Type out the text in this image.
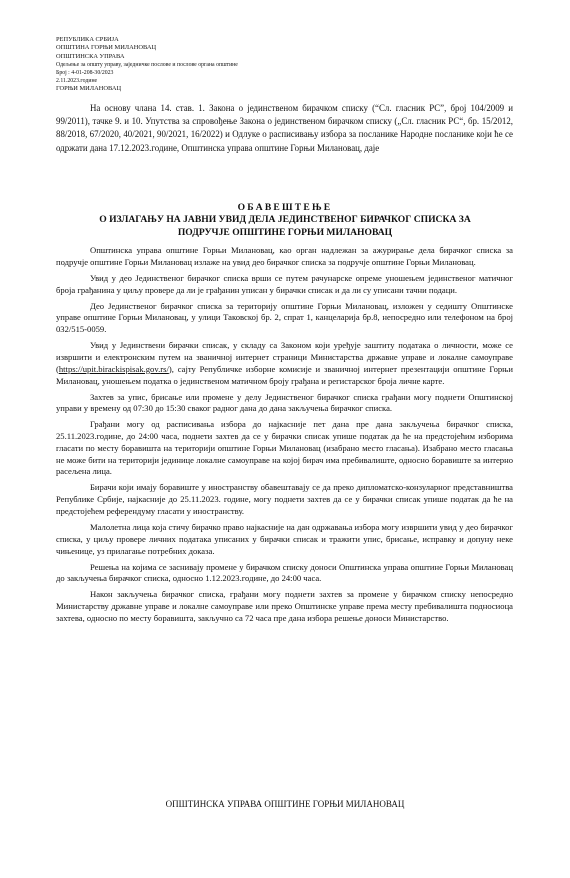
РЕПУБЛИКА СРБИЈА
ОПШТИНА ГОРЊИ МИЛАНОВАЦ
ОПШТИНСКА УПРАВА
Одељење за општу управу, заједничке послове и послове органа општине
Број : 4-01-208-30/2023
2.11.2023.године
ГОРЊИ МИЛАНОВАЦ

На основу члана 14. став. 1. Закона о јединственом бирачком списку (“Сл. гласник РС”, број 104/2009 и 99/2011), тачке 9. и 10. Упутства за спровођење Закона о јединственом бирачком списку („Сл. гласник РС“, бр. 15/2012, 88/2018, 67/2020, 40/2021, 90/2021, 16/2022) и Одлуке о расписивању избора за посланике Народне посланике који ће се одржати дана 17.12.2023.године, Општинска управа општине Горњи Милановац, даје

ОБАВЕШТЕЊЕ
О ИЗЛАГАЊУ НА ЈАВНИ УВИД ДЕЛА ЈЕДИНСТВЕНОГ БИРАЧКОГ СПИСКА ЗА
ПОДРУЧЈЕ ОПШТИНЕ ГОРЊИ МИЛАНОВАЦ

Општинска управа општине Горњи Милановац, као орган надлежан за ажурирање дела бирачког списка за подручје општине Горњи Милановац излаже на увид део бирачког списка за подручје општине Горњи Милановац.

Увид у део Јединственог бирачког списка врши се путем рачунарске опреме уношењем јединственог матичног броја грађанина у циљу провере да ли је грађанин уписан у бирачки списак и да ли су уписани тачни подаци.

Део Јединственог бирачког списка за територију општине Горњи Милановац, изложен у седишту Општинске управе општине Горњи Милановац, у улици Таковској бр. 2, спрат 1, канцеларија бр.8, непосредно или телефоном на број 032/515-0059.

Увид у Јединствени бирачки списак, у складу са Законом који уређује заштиту података о личности, може се извршити и електронским путем на званичној интернет страници Министарства државне управе и локалне самоуправе (https://upit.birackispisak.gov.rs/), сајту Републичке изборне комисије и званичној интернет презентацији општине Горњи Милановац, уношењем податка о јединственом матичном броју грађана и регистарског броја личне карте.

Захтев за упис, брисање или промене у делу Јединственог бирачког списка грађани могу поднети Општинској управи у времену од 07:30 до 15:30 сваког радног дана до дана закључења бирачког списка.

Грађани могу од расписивања избора до најкасније пет дана пре дана закључења бирачког списка, 25.11.2023.године, до 24:00 часа, поднети захтев да се у бирачки списак упише податак да ће на предстојећим изборима гласати по месту боравишта на територији општине Горњи Милановац (изабрано место гласања). Изабрано место гласања не може бити на територији јединице локалне самоуправе на којој бирач има пребивалиште, односно боравиште за интерно расељена лица.

Бирачи који имају боравиште у иностранству обавештавају се да преко дипломатско-конзуларног представништва Републике Србије, најкасније до 25.11.2023. године, могу поднети захтев да се у бирачки списак упише податак да ће на предстојећем референдуму гласати у иностранству.

Малолетна лица која стичу бирачко право најкасније на дан одржавања избора могу извршити увид у део бирачког списка, у циљу провере личних података уписаних у бирачки списак и тражити упис, брисање, исправку и допуну неке чињенице, уз прилагање потребних доказа.

Решења на којима се заснивају промене у бирачком списку доноси Општинска управа општине Горњи Милановац до закључења бирачког списка, односно 1.12.2023.године, до 24:00 часа.

Након закључења бирачког списка, грађани могу поднети захтев за промене у бирачком списку непосредно Министарству државне управе и локалне самоуправе или преко Општинске управе према месту пребивалишта подносиоца захтева, односно по месту боравишта, закључно са 72 часа пре дана избора решење доноси Министарство.

ОПШТИНСКА УПРАВА ОПШТИНЕ ГОРЊИ МИЛАНОВАЦ
